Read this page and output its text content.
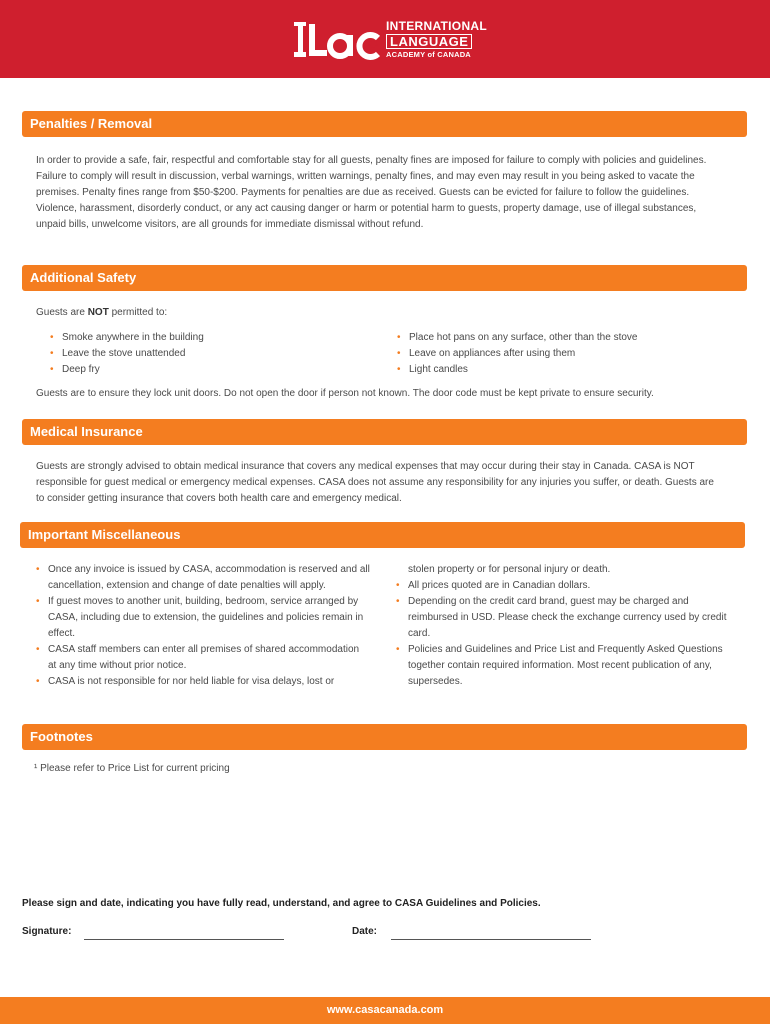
INTERNATIONAL
LANGUAGE
ACADEMY of CANADA
Penalties / Removal
In order to provide a safe, fair, respectful and comfortable stay for all guests, penalty fines are imposed for failure to comply with policies and guidelines. Failure to comply will result in discussion, verbal warnings, written warnings, penalty fines, and may even may result in you being asked to vacate the premises. Penalty fines range from $50-$200. Payments for penalties are due as received. Guests can be evicted for failure to follow the guidelines. Violence, harassment, disorderly conduct, or any act causing danger or harm or potential harm to guests, property damage, use of illegal substances, unpaid bills, unwelcome visitors, are all grounds for immediate dismissal without refund.
Additional Safety
Guests are NOT permitted to:
• Smoke anywhere in the building
• Leave the stove unattended
• Deep fry
• Place hot pans on any surface, other than the stove
• Leave on appliances after using them
• Light candles
Guests are to ensure they lock unit doors. Do not open the door if person not known. The door code must be kept private to ensure security.
Medical Insurance
Guests are strongly advised to obtain medical insurance that covers any medical expenses that may occur during their stay in Canada. CASA is NOT responsible for guest medical or emergency medical expenses. CASA does not assume any responsibility for any injuries you suffer, or death. Guests are to consider getting insurance that covers both health care and emergency medical.
Important Miscellaneous
• Once any invoice is issued by CASA, accommodation is reserved and all cancellation, extension and change of date penalties will apply.
• If guest moves to another unit, building, bedroom, service arranged by CASA, including due to extension, the guidelines and policies remain in effect.
• CASA staff members can enter all premises of shared accommodation at any time without prior notice.
• CASA is not responsible for nor held liable for visa delays, lost or
stolen property or for personal injury or death.
• All prices quoted are in Canadian dollars.
• Depending on the credit card brand, guest may be charged and reimbursed in USD. Please check the exchange currency used by credit card.
• Policies and Guidelines and Price List and Frequently Asked Questions together contain required information. Most recent publication of any, supersedes.
Footnotes
¹ Please refer to Price List for current pricing
Please sign and date, indicating you have fully read, understand, and agree to CASA Guidelines and Policies.
Signature:	Date:
www.casacanada.com
